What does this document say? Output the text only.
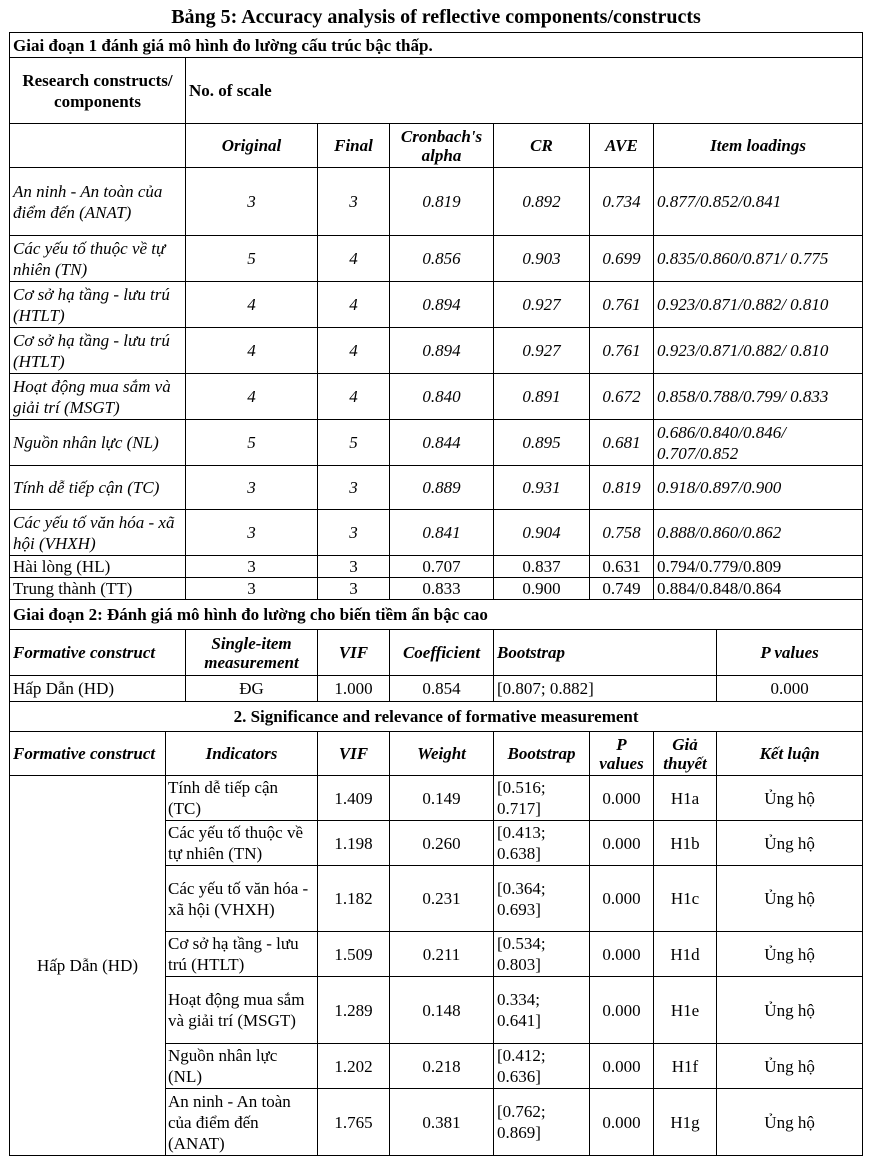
Bảng 5: Accuracy analysis of reflective components/constructs
Giai đoạn 1 đánh giá mô hình đo lường cấu trúc bậc thấp.								
Research constructs/ components		No. of scale						
		Original	Final	Cronbach's alpha	CR	AVE	Item loadings	
An ninh - An toàn của điểm đến (ANAT)		3	3	0.819	0.892	0.734	0.877/0.852/0.841	
Các yếu tố thuộc về tự nhiên (TN)		5	4	0.856	0.903	0.699	0.835/0.860/0.871/ 0.775	
Cơ sở hạ tầng - lưu trú (HTLT)		4	4	0.894	0.927	0.761	0.923/0.871/0.882/ 0.810	
Cơ sở hạ tầng - lưu trú (HTLT)		4	4	0.894	0.927	0.761	0.923/0.871/0.882/ 0.810	
Hoạt động mua sắm và giải trí (MSGT)		4	4	0.840	0.891	0.672	0.858/0.788/0.799/ 0.833	
Nguồn nhân lực (NL)		5	5	0.844	0.895	0.681	0.686/0.840/0.846/ 0.707/0.852	
Tính dễ tiếp cận (TC)		3	3	0.889	0.931	0.819	0.918/0.897/0.900	
Các yếu tố văn hóa - xã hội (VHXH)		3	3	0.841	0.904	0.758	0.888/0.860/0.862	
Hài lòng (HL)		3	3	0.707	0.837	0.631	0.794/0.779/0.809	
Trung thành (TT)		3	3	0.833	0.900	0.749	0.884/0.848/0.864	
Giai đoạn 2: Đánh giá mô hình đo lường cho biến tiềm ẩn bậc cao								
Formative construct		Single-item measurement	VIF	Coefficient	Bootstrap			P values
Hấp Dẫn (HD)		ĐG	1.000	0.854	[0.807; 0.882]			0.000
2. Significance and relevance of formative measurement								
Formative construct	Indicators		VIF	Weight	Bootstrap	P values	Giả thuyết	Kết luận
Hấp Dẫn (HD)	Tính dễ tiếp cận (TC)		1.409	0.149	[0.516; 0.717]	0.000	H1a	Ủng hộ
	Các yếu tố thuộc về tự nhiên (TN)		1.198	0.260	[0.413; 0.638]	0.000	H1b	Ủng hộ
	Các yếu tố văn hóa - xã hội (VHXH)		1.182	0.231	[0.364; 0.693]	0.000	H1c	Ủng hộ
	Cơ sở hạ tầng - lưu trú (HTLT)		1.509	0.211	[0.534; 0.803]	0.000	H1d	Ủng hộ
	Hoạt động mua sắm và giải trí (MSGT)		1.289	0.148	0.334; 0.641]	0.000	H1e	Ủng hộ
	Nguồn nhân lực (NL)		1.202	0.218	[0.412; 0.636]	0.000	H1f	Ủng hộ
	An ninh - An toàn của điểm đến (ANAT)		1.765	0.381	[0.762; 0.869]	0.000	H1g	Ủng hộ
